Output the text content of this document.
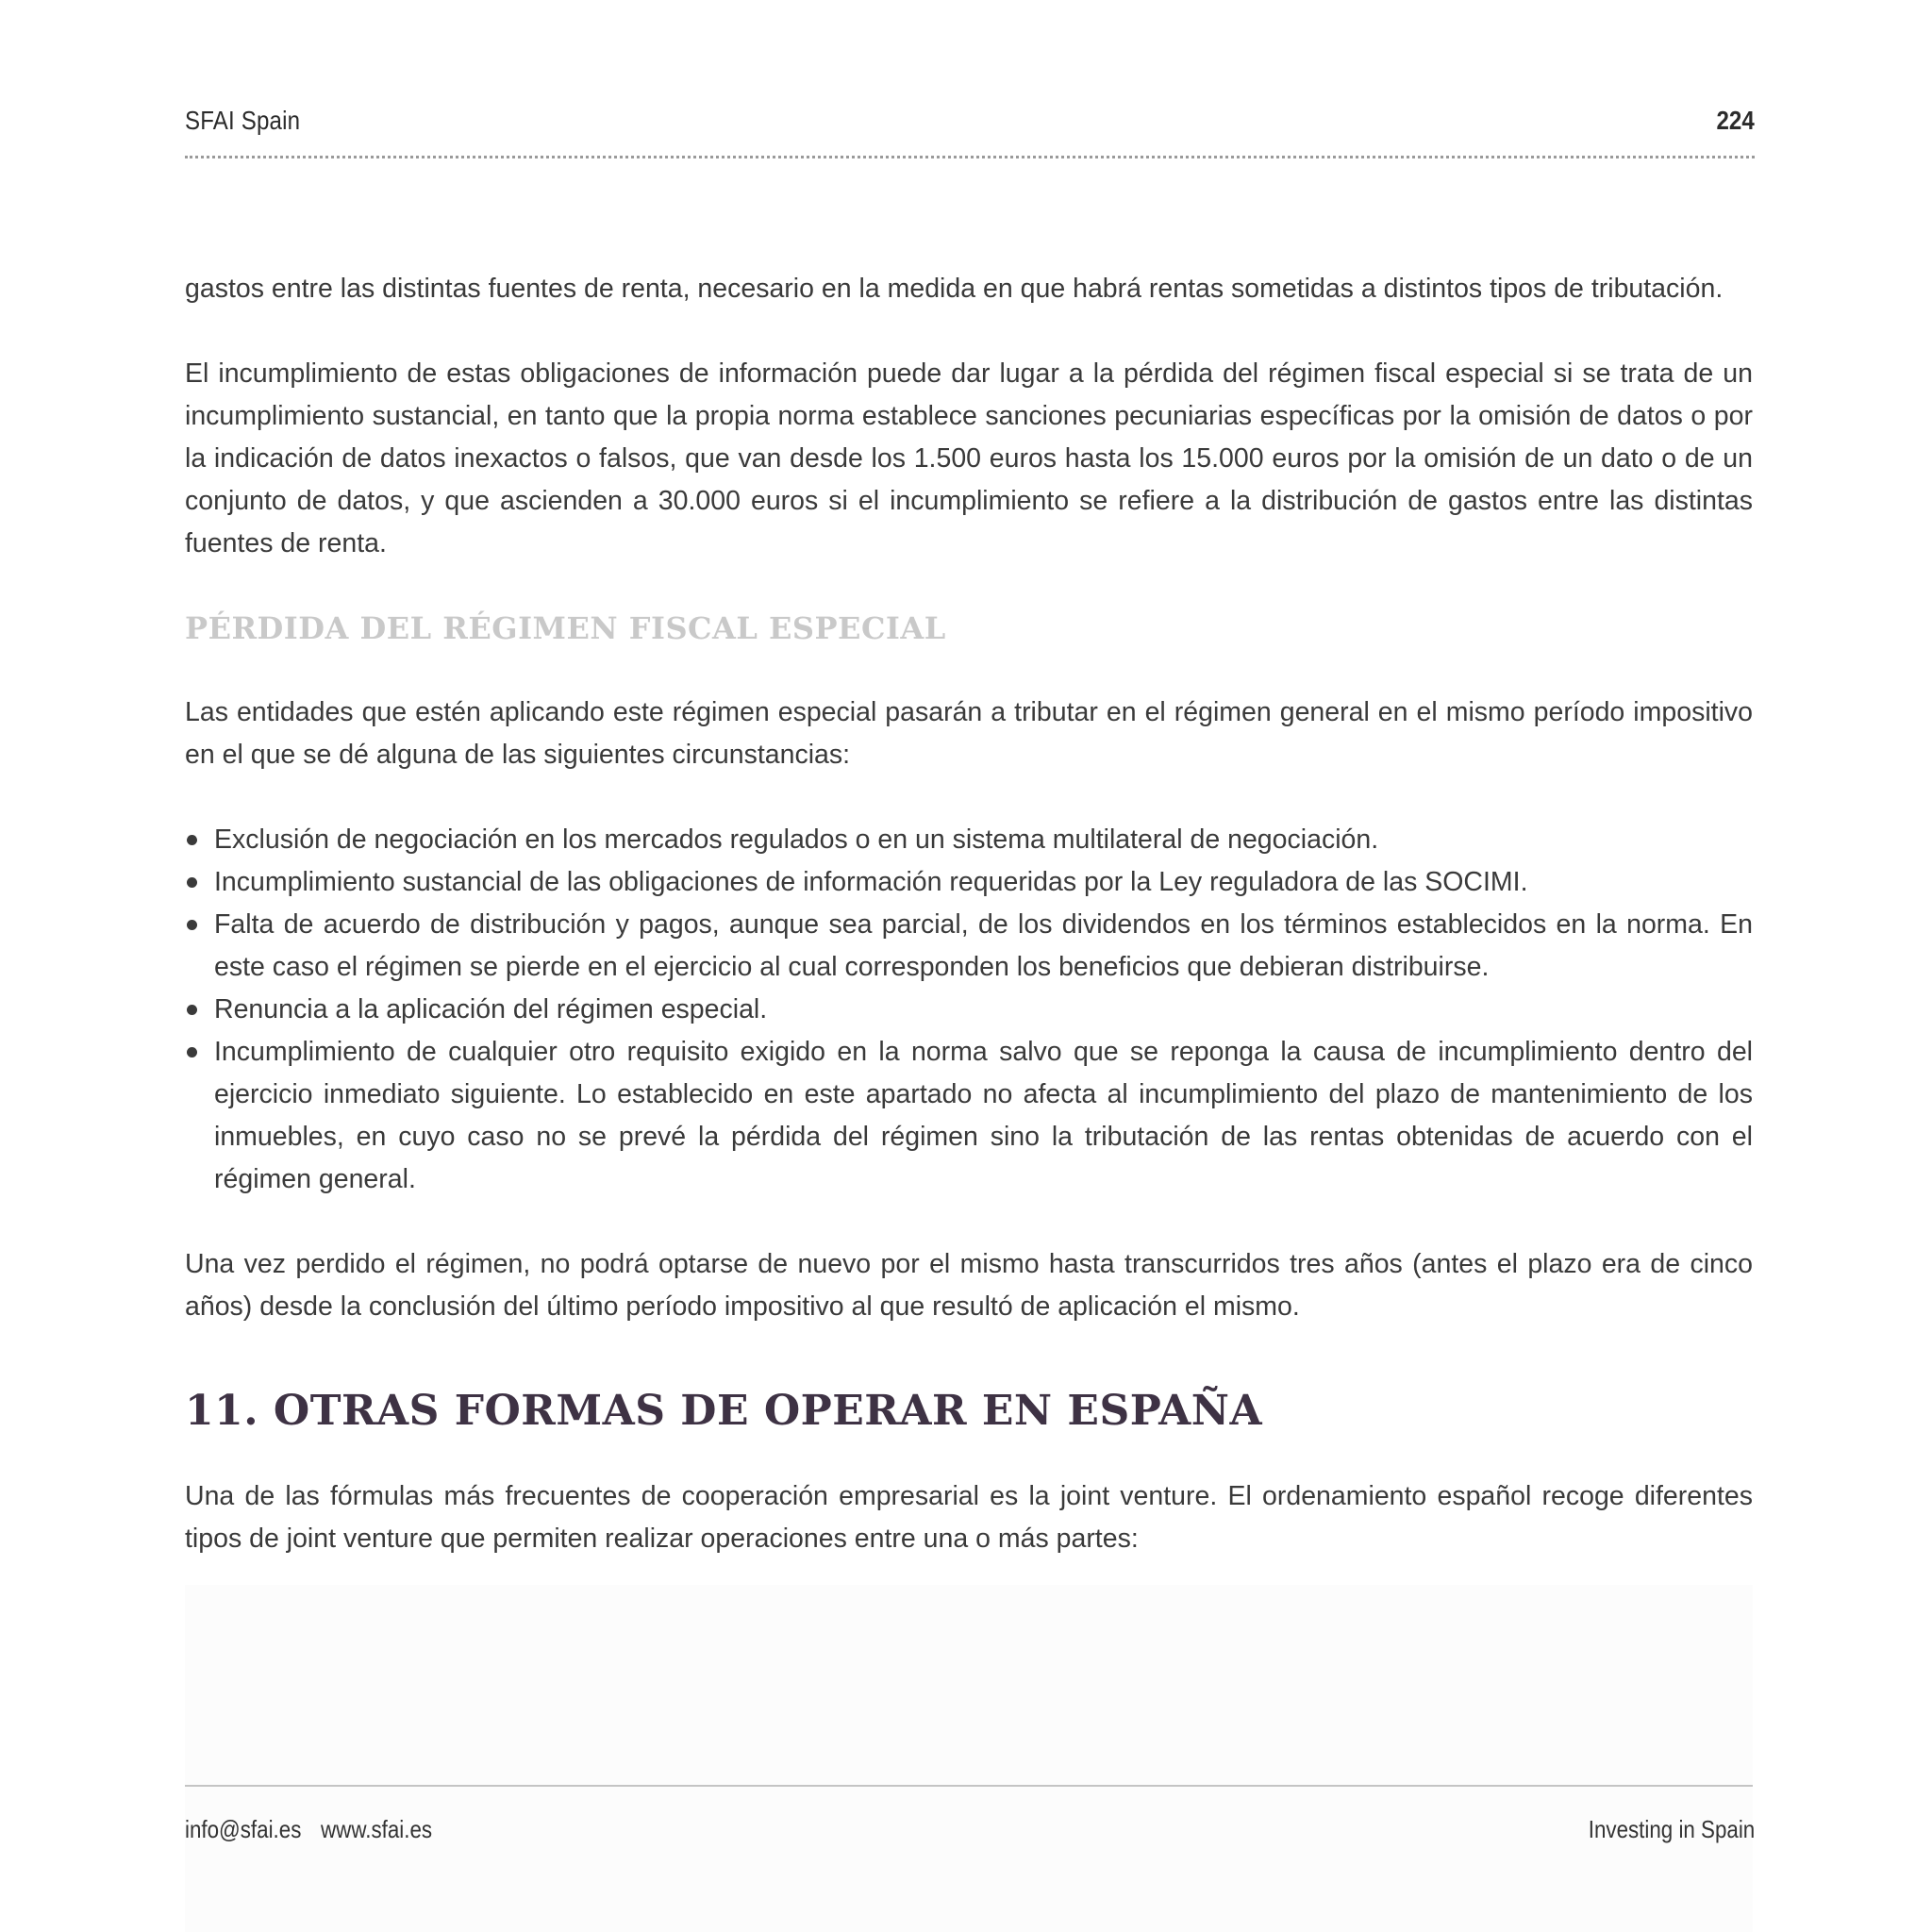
SFAI Spain	224

gastos entre las distintas fuentes de renta, necesario en la medida en que habrá rentas sometidas a distintos tipos de tributación.

El incumplimiento de estas obligaciones de información puede dar lugar a la pérdida del régimen fiscal especial si se trata de un incumplimiento sustancial, en tanto que la propia norma establece sanciones pecuniarias específicas por la omisión de datos o por la indicación de datos inexactos o falsos, que van desde los 1.500 euros hasta los 15.000 euros por la omisión de un dato o de un conjunto de datos, y que ascienden a 30.000 euros si el incumplimiento se refiere a la distribución de gastos entre las distintas fuentes de renta.

PÉRDIDA DEL RÉGIMEN FISCAL ESPECIAL

Las entidades que estén aplicando este régimen especial pasarán a tributar en el régimen general en el mismo período impositivo en el que se dé alguna de las siguientes circunstancias:

Exclusión de negociación en los mercados regulados o en un sistema multilateral de negociación.
Incumplimiento sustancial de las obligaciones de información requeridas por la Ley reguladora de las SOCIMI.
Falta de acuerdo de distribución y pagos, aunque sea parcial, de los dividendos en los términos establecidos en la norma. En este caso el régimen se pierde en el ejercicio al cual corresponden los beneficios que debieran distribuirse.
Renuncia a la aplicación del régimen especial.
Incumplimiento de cualquier otro requisito exigido en la norma salvo que se reponga la causa de incumplimiento dentro del ejercicio inmediato siguiente. Lo establecido en este apartado no afecta al incumplimiento del plazo de mantenimiento de los inmuebles, en cuyo caso no se prevé la pérdida del régimen sino la tributación de las rentas obtenidas de acuerdo con el régimen general.

Una vez perdido el régimen, no podrá optarse de nuevo por el mismo hasta transcurridos tres años (antes el plazo era de cinco años) desde la conclusión del último período impositivo al que resultó de aplicación el mismo.

11. OTRAS FORMAS DE OPERAR EN ESPAÑA

Una de las fórmulas más frecuentes de cooperación empresarial es la joint venture. El ordenamiento español recoge diferentes tipos de joint venture que permiten realizar operaciones entre una o más partes:

info@sfai.es www.sfai.es	Investing in Spain
